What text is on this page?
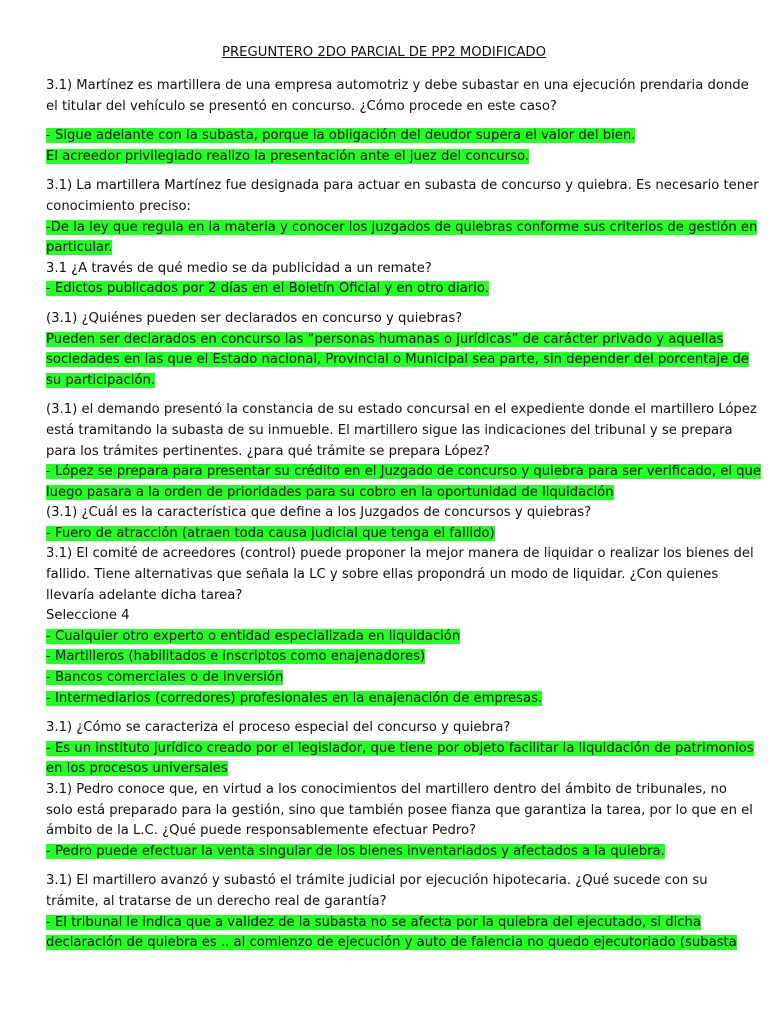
PREGUNTERO 2DO PARCIAL DE PP2 MODIFICADO
3.1) Martínez es martillera de una empresa automotriz y debe subastar en una ejecución prendaria donde
el titular del vehículo se presentó en concurso. ¿Cómo procede en este caso?
- Sigue adelante con la subasta, porque la obligación del deudor supera el valor del bien.
El acreedor privilegiado realizo la presentación ante el juez del concurso.
3.1) La martillera Martínez fue designada para actuar en subasta de concurso y quiebra. Es necesario tener
conocimiento preciso:
-De la ley que regula en la materia y conocer los juzgados de quiebras conforme sus criterios de gestión en
particular.
3.1 ¿A través de qué medio se da publicidad a un remate?
- Edictos publicados por 2 días en el Boletín Oficial y en otro diario.
(3.1) ¿Quiénes pueden ser declarados en concurso y quiebras?
Pueden ser declarados en concurso las “personas humanas o jurídicas” de carácter privado y aquellas
sociedades en las que el Estado nacional, Provincial o Municipal sea parte, sin depender del porcentaje de
su participación.
(3.1) el demando presentó la constancia de su estado concursal en el expediente donde el martillero López
está tramitando la subasta de su inmueble. El martillero sigue las indicaciones del tribunal y se prepara
para los trámites pertinentes. ¿para qué trámite se prepara López?
- López se prepara para presentar su crédito en el Juzgado de concurso y quiebra para ser verificado, el que
luego pasara a la orden de prioridades para su cobro en la oportunidad de liquidación
(3.1) ¿Cuál es la característica que define a los Juzgados de concursos y quiebras?
- Fuero de atracción (atraen toda causa judicial que tenga el fallido)
3.1) El comité de acreedores (control) puede proponer la mejor manera de liquidar o realizar los bienes del
fallido. Tiene alternativas que señala la LC y sobre ellas propondrá un modo de liquidar. ¿Con quienes
llevaría adelante dicha tarea?
Seleccione 4
- Cualquier otro experto o entidad especializada en liquidación
- Martilleros (habilitados e inscriptos como enajenadores)
- Bancos comerciales o de inversión
- Intermediarios (corredores) profesionales en la enajenación de empresas.
3.1) ¿Cómo se caracteriza el proceso especial del concurso y quiebra?
- Es un instituto jurídico creado por el legislador, que tiene por objeto facilitar la liquidación de patrimonios
en los procesos universales
3.1) Pedro conoce que, en virtud a los conocimientos del martillero dentro del ámbito de tribunales, no
solo está preparado para la gestión, sino que también posee fianza que garantiza la tarea, por lo que en el
ámbito de la L.C. ¿Qué puede responsablemente efectuar Pedro?
- Pedro puede efectuar la venta singular de los bienes inventariados y afectados a la quiebra.
3.1) El martillero avanzó y subastó el trámite judicial por ejecución hipotecaria. ¿Qué sucede con su
trámite, al tratarse de un derecho real de garantía?
- El tribunal le indica que a validez de la subasta no se afecta por la quiebra del ejecutado, si dicha
declaración de quiebra es .. al comienzo de ejecución y auto de falencia no quedo ejecutoriado (subasta
